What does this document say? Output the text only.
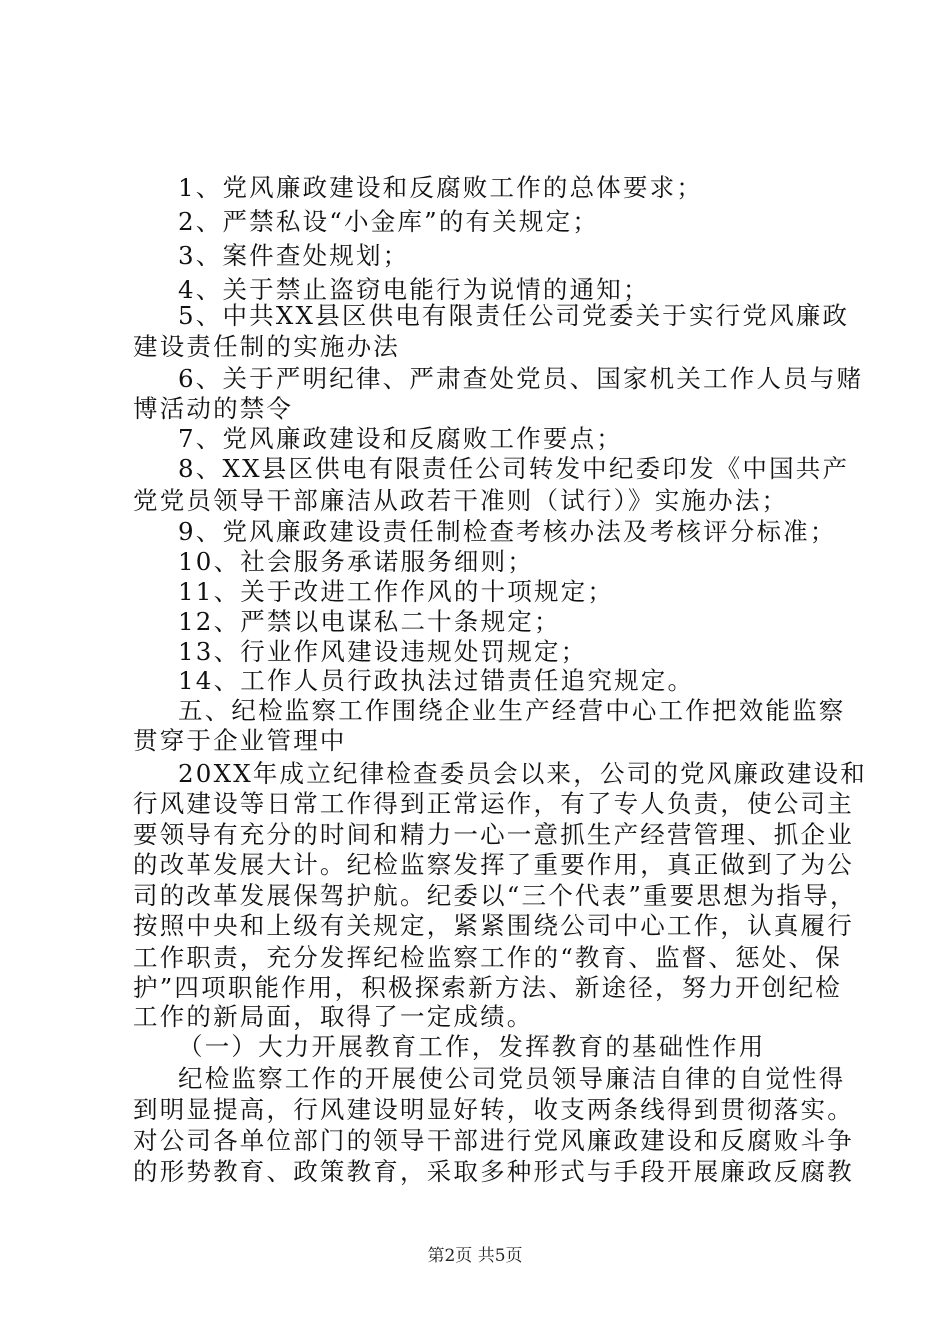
1、党风廉政建设和反腐败工作的总体要求；
2、严禁私设“小金库”的有关规定；
3、案件查处规划；
4、关于禁止盗窃电能行为说情的通知；
5、中共XX县区供电有限责任公司党委关于实行党风廉政
建设责任制的实施办法
6、关于严明纪律、严肃查处党员、国家机关工作人员与赌
博活动的禁令
7、党风廉政建设和反腐败工作要点；
8、XX县区供电有限责任公司转发中纪委印发《中国共产
党党员领导干部廉洁从政若干准则（试行）》实施办法；
9、党风廉政建设责任制检查考核办法及考核评分标准；
10、社会服务承诺服务细则；
11、关于改进工作作风的十项规定；
12、严禁以电谋私二十条规定；
13、行业作风建设违规处罚规定；
14、工作人员行政执法过错责任追究规定。
五、纪检监察工作围绕企业生产经营中心工作把效能监察
贯穿于企业管理中
20XX年成立纪律检查委员会以来，公司的党风廉政建设和
行风建设等日常工作得到正常运作，有了专人负责，使公司主
要领导有充分的时间和精力一心一意抓生产经营管理、抓企业
的改革发展大计。纪检监察发挥了重要作用，真正做到了为公
司的改革发展保驾护航。纪委以“三个代表”重要思想为指导，
按照中央和上级有关规定，紧紧围绕公司中心工作，认真履行
工作职责，充分发挥纪检监察工作的“教育、监督、惩处、保
护”四项职能作用，积极探索新方法、新途径，努力开创纪检
工作的新局面，取得了一定成绩。
（一）大力开展教育工作，发挥教育的基础性作用
纪检监察工作的开展使公司党员领导廉洁自律的自觉性得
到明显提高，行风建设明显好转，收支两条线得到贯彻落实。
对公司各单位部门的领导干部进行党风廉政建设和反腐败斗争
的形势教育、政策教育，采取多种形式与手段开展廉政反腐教
第2页 共5页
